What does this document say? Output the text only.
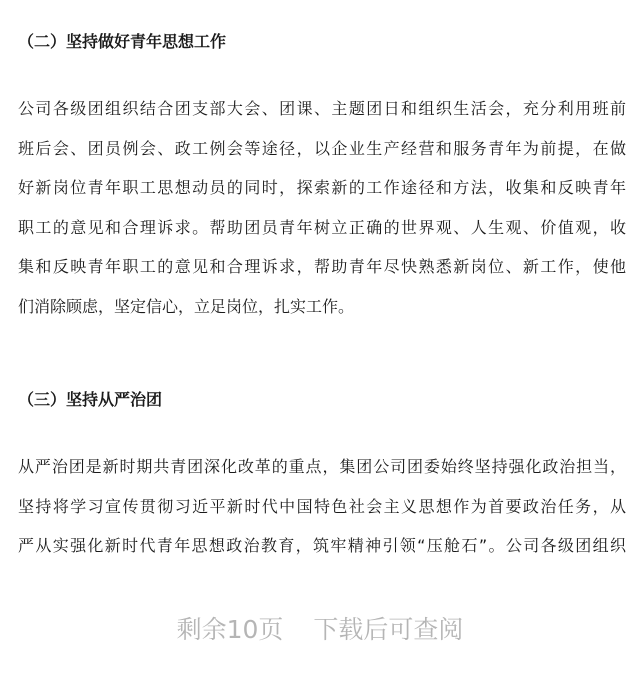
（二）坚持做好青年思想工作
公司各级团组织结合团支部大会、团课、主题团日和组织生活会，充分利用班前
班后会、团员例会、政工例会等途径，以企业生产经营和服务青年为前提，在做
好新岗位青年职工思想动员的同时，探索新的工作途径和方法，收集和反映青年
职工的意见和合理诉求。帮助团员青年树立正确的世界观、人生观、价值观，收
集和反映青年职工的意见和合理诉求，帮助青年尽快熟悉新岗位、新工作，使他
们消除顾虑，坚定信心，立足岗位，扎实工作。
（三）坚持从严治团
从严治团是新时期共青团深化改革的重点，集团公司团委始终坚持强化政治担当，
坚持将学习宣传贯彻习近平新时代中国特色社会主义思想作为首要政治任务，从
严从实强化新时代青年思想政治教育，筑牢精神引领“压舱石”。公司各级团组织
剩余10页 下载后可查阅
